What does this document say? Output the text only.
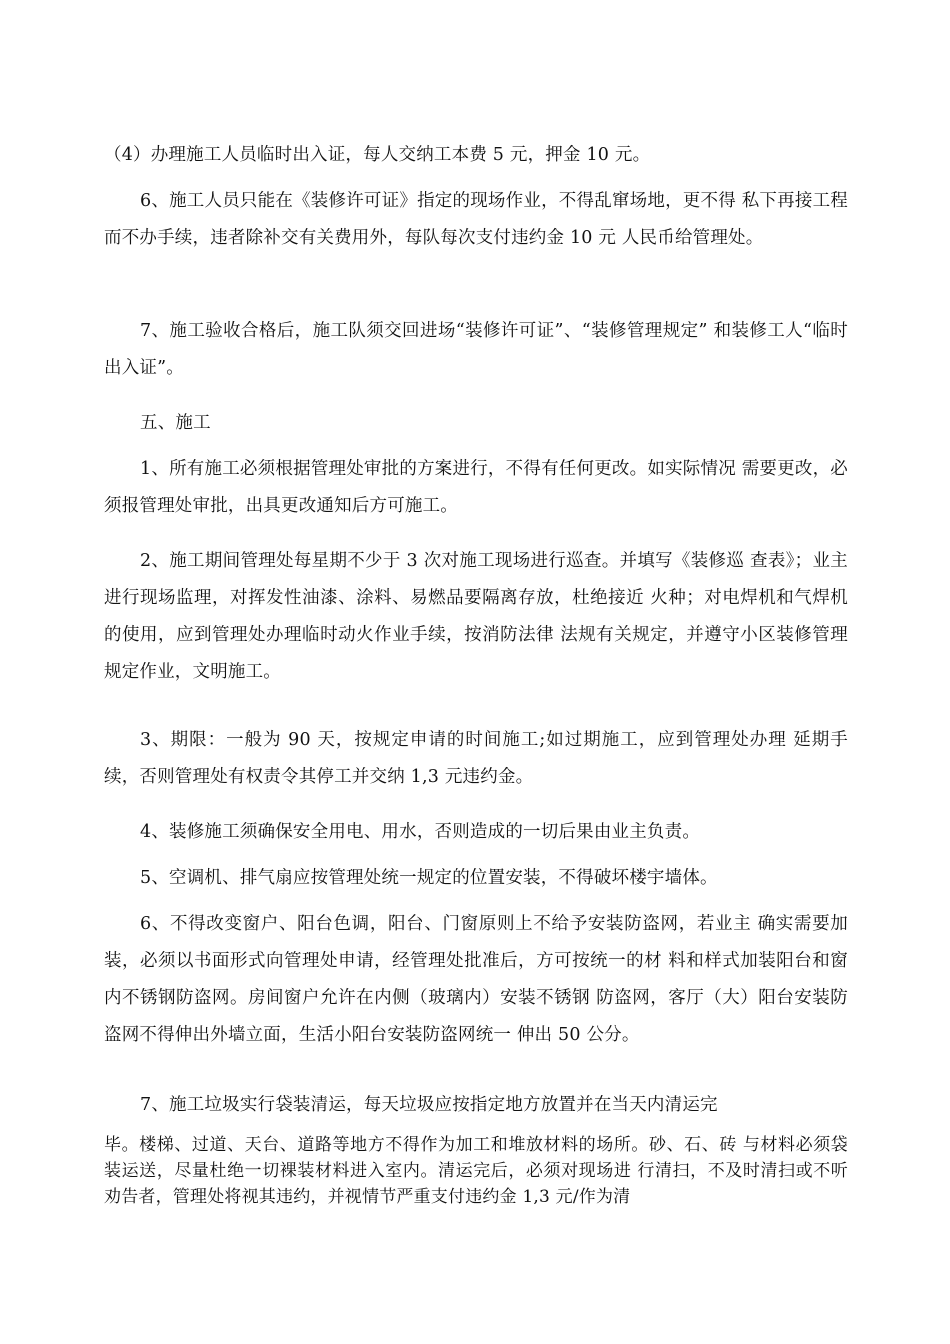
（4）办理施工人员临时出入证，每人交纳工本费 5 元，押金 10 元。

6、施工人员只能在《装修许可证》指定的现场作业，不得乱窜场地，更不得 私下再接工程而不办手续，违者除补交有关费用外，每队每次支付违约金 10 元 人民币给管理处。

7、施工验收合格后，施工队须交回进场“装修许可证”、“装修管理规定” 和装修工人“临时出入证”。

五、施工

1、所有施工必须根据管理处审批的方案进行，不得有任何更改。如实际情况 需要更改，必须报管理处审批，出具更改通知后方可施工。

2、施工期间管理处每星期不少于 3 次对施工现场进行巡查。并填写《装修巡 查表》；业主进行现场监理，对挥发性油漆、涂料、易燃品要隔离存放，杜绝接近 火种；对电焊机和气焊机的使用，应到管理处办理临时动火作业手续，按消防法律 法规有关规定，并遵守小区装修管理规定作业，文明施工。

3、期限：一般为 90 天，按规定申请的时间施工;如过期施工，应到管理处办理 延期手续，否则管理处有权责令其停工并交纳 1,3 元违约金。

4、装修施工须确保安全用电、用水，否则造成的一切后果由业主负责。

5、空调机、排气扇应按管理处统一规定的位置安装，不得破坏楼宇墙体。

6、不得改变窗户、阳台色调，阳台、门窗原则上不给予安装防盗网，若业主 确实需要加装，必须以书面形式向管理处申请，经管理处批准后，方可按统一的材 料和样式加装阳台和窗内不锈钢防盗网。房间窗户允许在内侧（玻璃内）安装不锈钢 防盗网，客厅（大）阳台安装防盗网不得伸出外墙立面，生活小阳台安装防盗网统一 伸出 50 公分。

7、施工垃圾实行袋装清运，每天垃圾应按指定地方放置并在当天内清运完

毕。楼梯、过道、天台、道路等地方不得作为加工和堆放材料的场所。砂、石、砖 与材料必须袋装运送，尽量杜绝一切裸装材料进入室内。清运完后，必须对现场进 行清扫，不及时清扫或不听劝告者，管理处将视其违约，并视情节严重支付违约金 1,3 元/作为清
